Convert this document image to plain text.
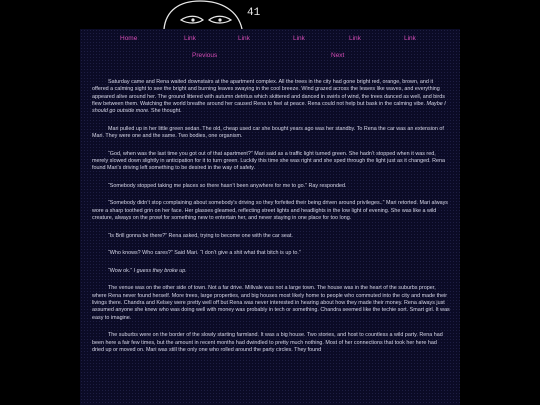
41
Home	Link	Link	Link	Link	Link
Previous	Next

Saturday came and Rena waited downstairs at the apartment complex. All the trees in the city had gone bright red, orange, brown, and it offered a calming sight to see the bright and burning leaves swaying in the cool breeze. Wind grazed across the leaves like waves, and everything appeared alive around her. The ground littered with autumn detritus which skittered and danced in swirls of wind, the trees danced as well, and birds flew between them. Watching the world breathe around her caused Rena to feel at peace. Rena could not help but bask in the calming vibe. Maybe I should go outside more. She thought.

Mari pulled up in her little green sedan. The old, cheap used car she bought years ago was her standby. To Rena the car was an extension of Mari. They were one and the same. Two bodies, one organism.

“God, when was the last time you got out of that apartment?” Mari said as a traffic light turned green. She hadn’t stopped when it was red, merely slowed down slightly in anticipation for it to turn green. Luckily this time she was right and she sped through the light just as it changed. Rena found Mari’s driving left something to be desired in the way of safety.

“Somebody stopped taking me places so there hasn’t been anywhere for me to go.” Ray responded.

“Somebody didn’t stop complaining about somebody’s driving so they forfeited their being driven around privileges..” Mari retorted. Mari always wore a sharp toothed grin on her face. Her glasses gleamed, reflecting street lights and headlights in the low light of evening. She was like a wild creature, always on the prowl for something new to entertain her, and never staying in one place for too long.

“Is Brill gonna be there?” Rena asked, trying to become one with the car seat.

“Who knows? Who cares?” Said Mari. “I don’t give a shit what that bitch is up to.”

“Wow ok.” I guess they broke up.

The venue was on the other side of town. Not a far drive. Millvale was not a large town. The house was in the heart of the suburbs proper, where Rena never found herself. More trees, large properties, and big houses most likely home to people who commuted into the city and made their livings there. Chandra and Kelsey were pretty well off but Rena was never interested in hearing about how they made their money. Rena always just assumed anyone she knew who was doing well with money was probably in tech or something. Chandra seemed like the techie sort. Smart girl. It was easy to imagine.

The suburbs were on the border of the slowly starting farmland. It was a big house. Two stories, and host to countless a wild party. Rena had been here a fair few times, but the amount in recent months had dwindled to pretty much nothing. Most of her connections that took her here had dried up or moved on. Mari was still the only one who rolled around the party circles. They found
